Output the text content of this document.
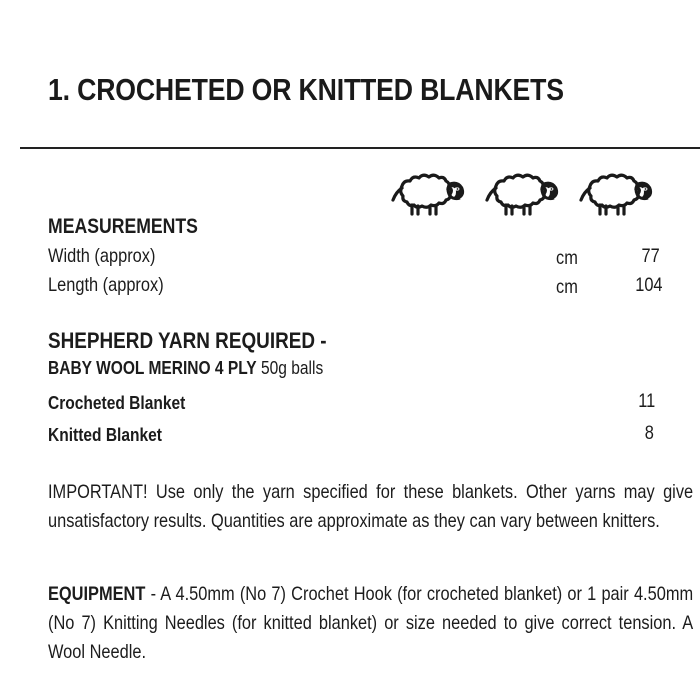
1. CROCHETED OR KNITTED BLANKETS
MEASUREMENTS
Width (approx)	cm	77
Length (approx)	cm	104
SHEPHERD YARN REQUIRED -
BABY WOOL MERINO 4 PLY 50g balls
Crocheted Blanket	11
Knitted Blanket	8
IMPORTANT! Use only the yarn specified for these blankets. Other yarns may give unsatisfactory results. Quantities are approximate as they can vary between knitters.
EQUIPMENT - A 4.50mm (No 7) Crochet Hook (for crocheted blanket) or 1 pair 4.50mm (No 7) Knitting Needles (for knitted blanket) or size needed to give correct tension. A Wool Needle.
